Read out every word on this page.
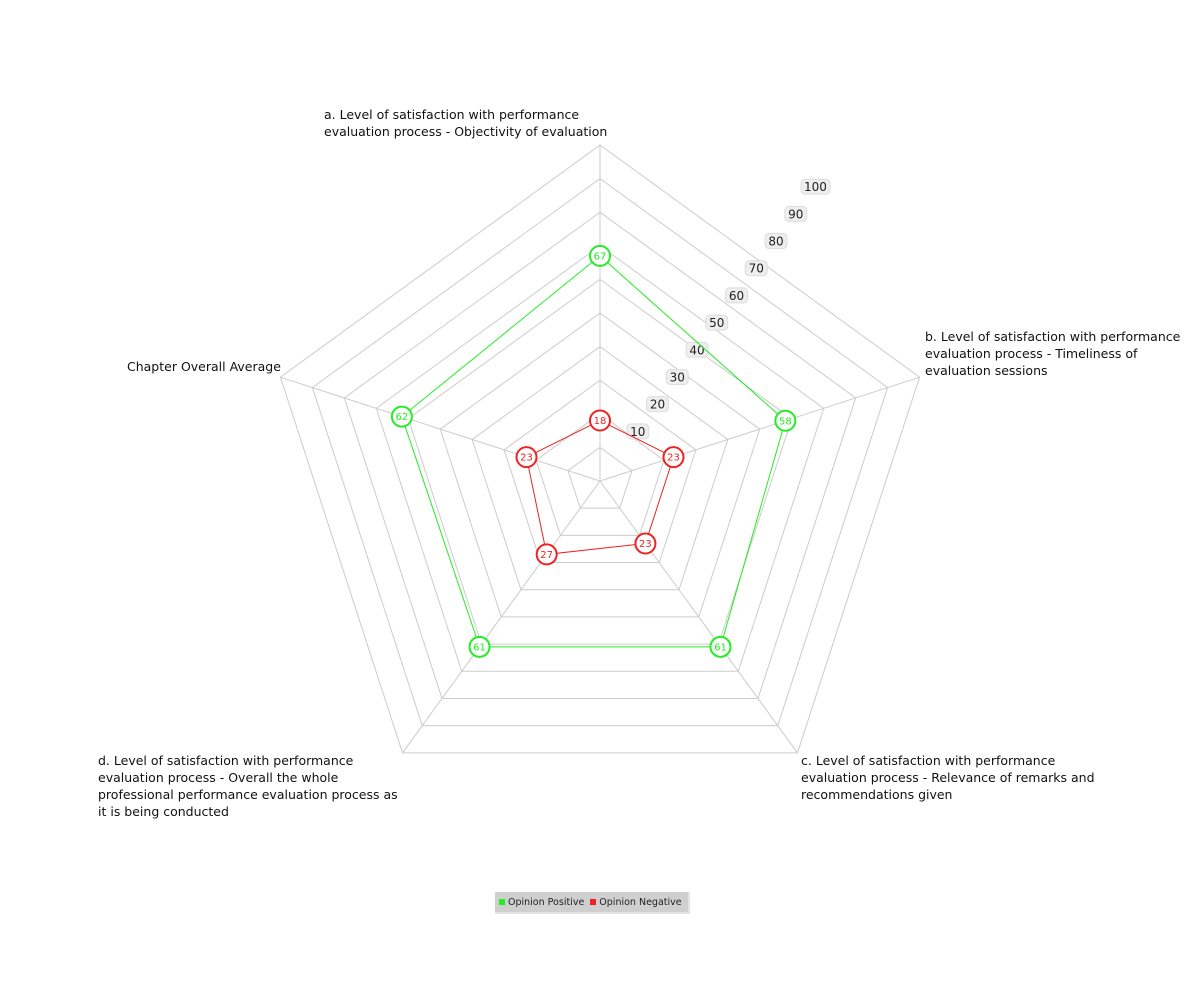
10
20
30
40
50
60
70
80
90
100
67
58
61
61
62	18
23
23
27
23
a. Level of satisfaction with performance evaluation process - Objectivity of evaluation
b. Level of satisfaction with performance evaluation process - Timeliness of evaluation sessions
c. Level of satisfaction with performance evaluation process - Relevance of remarks and recommendations given
d. Level of satisfaction with performance evaluation process - Overall the whole professional performance evaluation process as it is being conducted
Chapter Overall Average
Opinion Positive Opinion Negative
